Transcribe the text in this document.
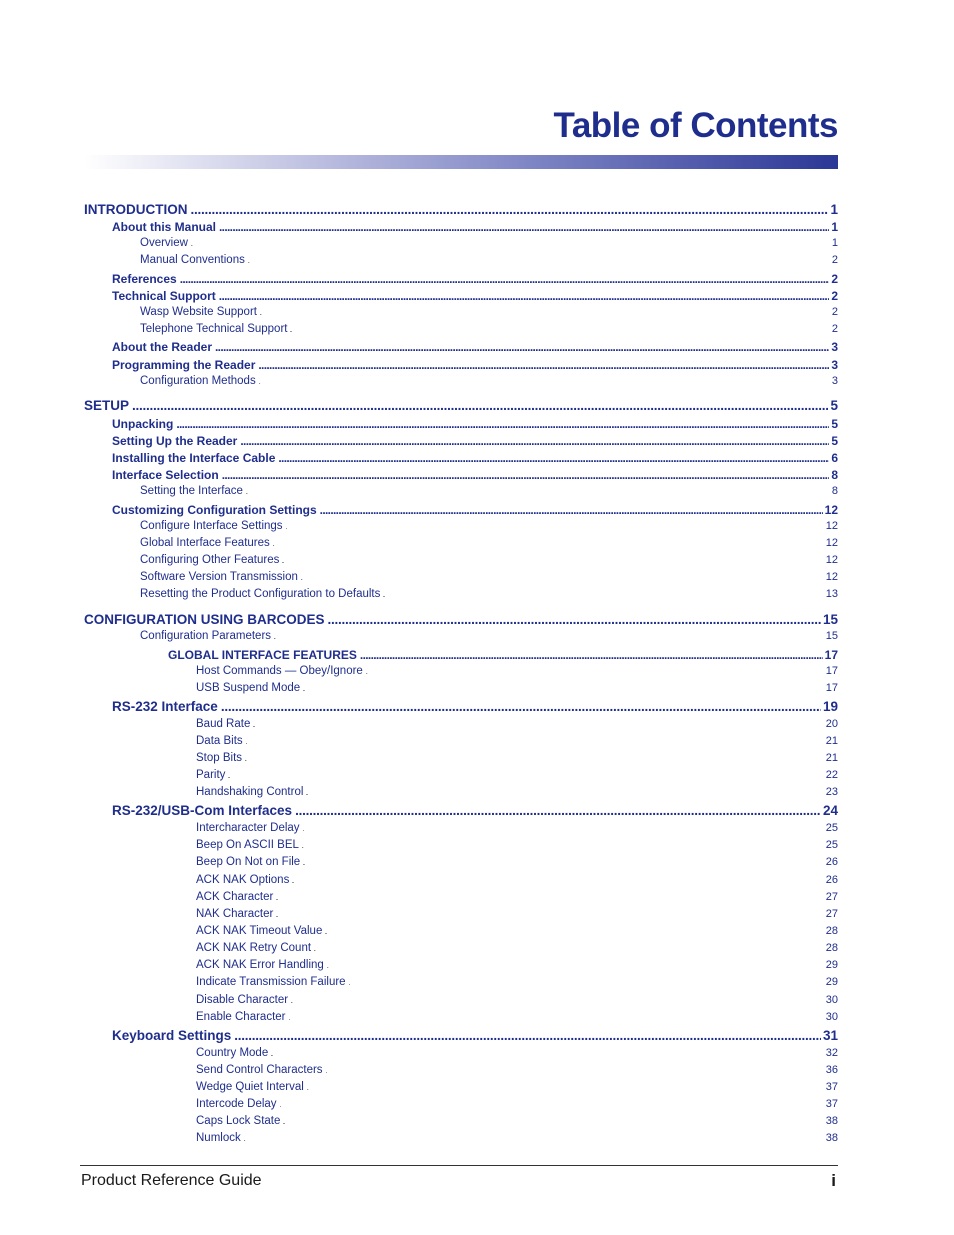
Table of Contents
INTRODUCTION . . .	1
About this Manual . . .	1
Overview . . .	1
Manual Conventions . . .	2
References . . .	2
Technical Support . . .	2
Wasp Website Support . . .	2
Telephone Technical Support . . .	2
About the Reader . . .	3
Programming the Reader . . .	3
Configuration Methods . . .	3
SETUP . . .	5
Unpacking . . .	5
Setting Up the Reader . . .	5
Installing the Interface Cable . . .	6
Interface Selection . . .	8
Setting the Interface . . .	8
Customizing Configuration Settings . . .	12
Configure Interface Settings . . .	12
Global Interface Features . . .	12
Configuring Other Features . . .	12
Software Version Transmission . . .	12
Resetting the Product Configuration to Defaults . . .	13
CONFIGURATION USING BARCODES . . .	15
Configuration Parameters . . .	15
GLOBAL INTERFACE FEATURES . . .	17
Host Commands — Obey/Ignore . . .	17
USB Suspend Mode . . .	17
RS-232 Interface . . .	19
Baud Rate . . .	20
Data Bits . . .	21
Stop Bits . . .	21
Parity . . .	22
Handshaking Control . . .	23
RS-232/USB-Com Interfaces . . .	24
Intercharacter Delay . . .	25
Beep On ASCII BEL . . .	25
Beep On Not on File . . .	26
ACK NAK Options . . .	26
ACK Character . . .	27
NAK Character . . .	27
ACK NAK Timeout Value . . .	28
ACK NAK Retry Count . . .	28
ACK NAK Error Handling . . .	29
Indicate Transmission Failure . . .	29
Disable Character . . .	30
Enable Character . . .	30
Keyboard Settings . . .	31
Country Mode . . .	32
Send Control Characters . . .	36
Wedge Quiet Interval . . .	37
Intercode Delay . . .	37
Caps Lock State . . .	38
Numlock . . .	38
Product Reference Guide	i
